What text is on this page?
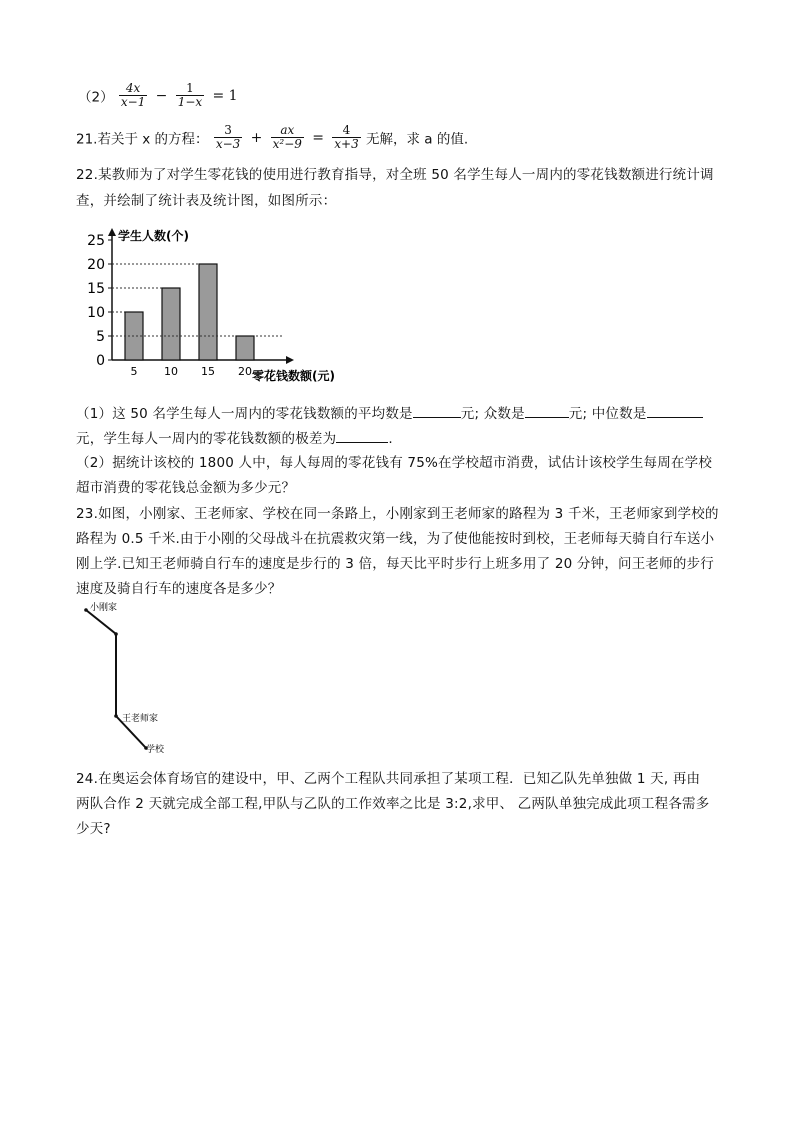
$(2) \frac{4x}{x-1} - \frac{1}{1-x} = 1$
21.若关于 x 的方程： $\frac{3}{x-3} + \frac{ax}{\text{x²−9}} = \frac{4}{x+3}$ 无解，求 a 的值.
22.某教师为了对学生零花钱的使用进行教育指导，对全班 50 名学生每人一周内的零花钱数额进行统计调
查，并绘制了统计表及统计图，如图所示：
0
5
10
15
20
25
5 10 15 20
学生人数(个)
零花钱数额(元)
（1）这 50 名学生每人一周内的零花钱数额的平均数是	元; 众数是	元; 中位数是
元，学生每人一周内的零花钱数额的极差为	.
（2）据统计该校的 1800 人中，每人每周的零花钱有 75%在学校超市消费，试估计该校学生每周在学校
超市消费的零花钱总金额为多少元？
23.如图，小刚家、王老师家、学校在同一条路上，小刚家到王老师家的路程为 3 千米，王老师家到学校的
路程为 0.5 千米.由于小刚的父母战斗在抗震救灾第一线，为了使他能按时到校，王老师每天骑自行车送小
刚上学.已知王老师骑自行车的速度是步行的 3 倍，每天比平时步行上班多用了 20 分钟，问王老师的步行
速度及骑自行车的速度各是多少？
小刚家
王老师家
学校
24.在奥运会体育场官的建设中，甲、乙两个工程队共同承担了某项工程．已知乙队先单独做 1 天, 再由
两队合作 2 天就完成全部工程,甲队与乙队的工作效率之比是 3:2,求甲、 乙两队单独完成此项工程各需多
少天?
